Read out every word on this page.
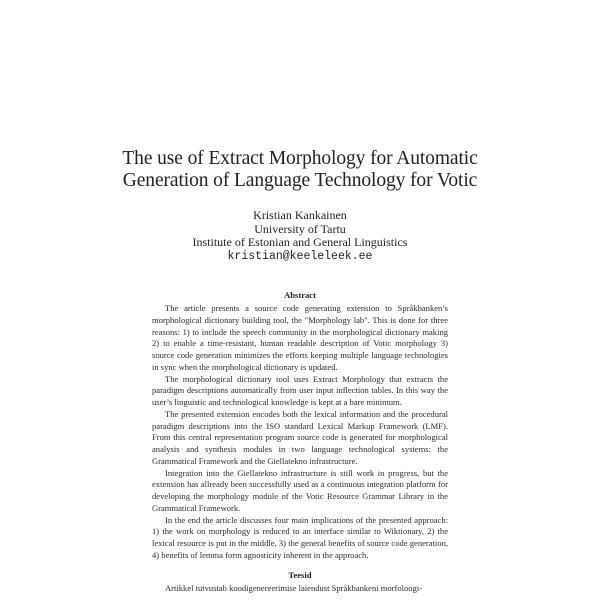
The use of Extract Morphology for Automatic
Generation of Language Technology for Votic
Kristian Kankainen
University of Tartu
Institute of Estonian and General Linguistics
kristian@keeleleek.ee
Abstract

The article presents a source code generating extension to Språkbanken’s morphological dictionary building tool, the "Morphology lab". This is done for three reasons: 1) to include the speech community in the morphological dictionary making 2) to enable a time-resistant, human readable description of Votic morphology 3) source code generation minimizes the efforts keeping multiple language technologies in sync when the morphological dictionary is updated.

The morphological dictionary tool uses Extract Morphology that extracts the paradigm descriptions automatically from user input inflection tables. In this way the user’s linguistic and technological knowledge is kept at a bare minimum.

The presented extension encodes both the lexical information and the procedural paradigm descriptions into the ISO standard Lexical Markup Framework (LMF). From this central representation program source code is generated for morphological analysis and synthesis modules in two language technological systems: the Grammatical Framework and the Giellatekno infrastructure.

Integration into the Giellatekno infrastructure is still work in progress, but the extension has allready been successfully used as a continuous integration platform for developing the morphology module of the Votic Resource Grammar Library in the Grammatical Framework.

In the end the article discusses four main implications of the presented approach: 1) the work on morphology is reduced to an interface similar to Wiktionary, 2) the lexical resource is put in the middle, 3) the general benefits of source code generation, 4) benefits of lemma form agnosticity inherent in the approach.

Teesid

Artikkel tutvustab koodigenereerimise laiendust Språkbankeni morfoloogi-
